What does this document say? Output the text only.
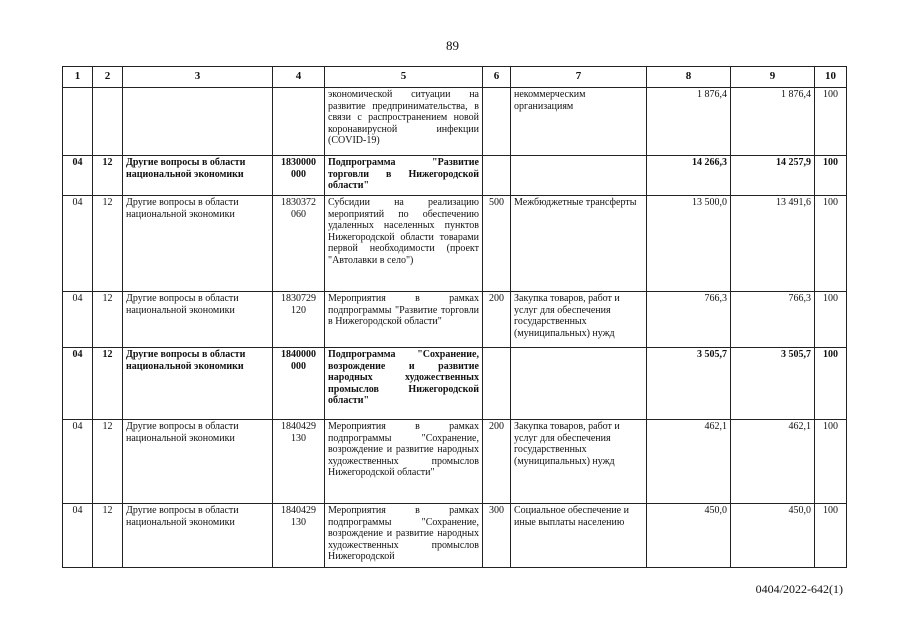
89
1	2	3	4	5	6	7	8	9	10
				экономической ситуации на развитие предпринимательства, в связи с распространением новой коронавирусной инфекции (COVID-19)		некоммерческим организациям	1 876,4	1 876,4	100
04	12	Другие вопросы в области национальной экономики	1830000 000	Подпрограмма "Развитие торговли в Нижегородской области"			14 266,3	14 257,9	100
04	12	Другие вопросы в области национальной экономики	1830372 060	Субсидии на реализацию мероприятий по обеспечению удаленных населенных пунктов Нижегородской области товарами первой необходимости (проект "Автолавки в село")	500	Межбюджетные трансферты	13 500,0	13 491,6	100
04	12	Другие вопросы в области национальной экономики	1830729 120	Мероприятия в рамках подпрограммы "Развитие торговли в Нижегородской области"	200	Закупка товаров, работ и услуг для обеспечения государственных (муниципальных) нужд	766,3	766,3	100
04	12	Другие вопросы в области национальной экономики	1840000 000	Подпрограмма "Сохранение, возрождение и развитие народных художественных промыслов Нижегородской области"			3 505,7	3 505,7	100
04	12	Другие вопросы в области национальной экономики	1840429 130	Мероприятия в рамках подпрограммы "Сохранение, возрождение и развитие народных художественных промыслов Нижегородской области"	200	Закупка товаров, работ и услуг для обеспечения государственных (муниципальных) нужд	462,1	462,1	100
04	12	Другие вопросы в области национальной экономики	1840429 130	Мероприятия в рамках подпрограммы "Сохранение, возрождение и развитие народных художественных промыслов Нижегородской	300	Социальное обеспечение и иные выплаты населению	450,0	450,0	100
0404/2022-642(1)
